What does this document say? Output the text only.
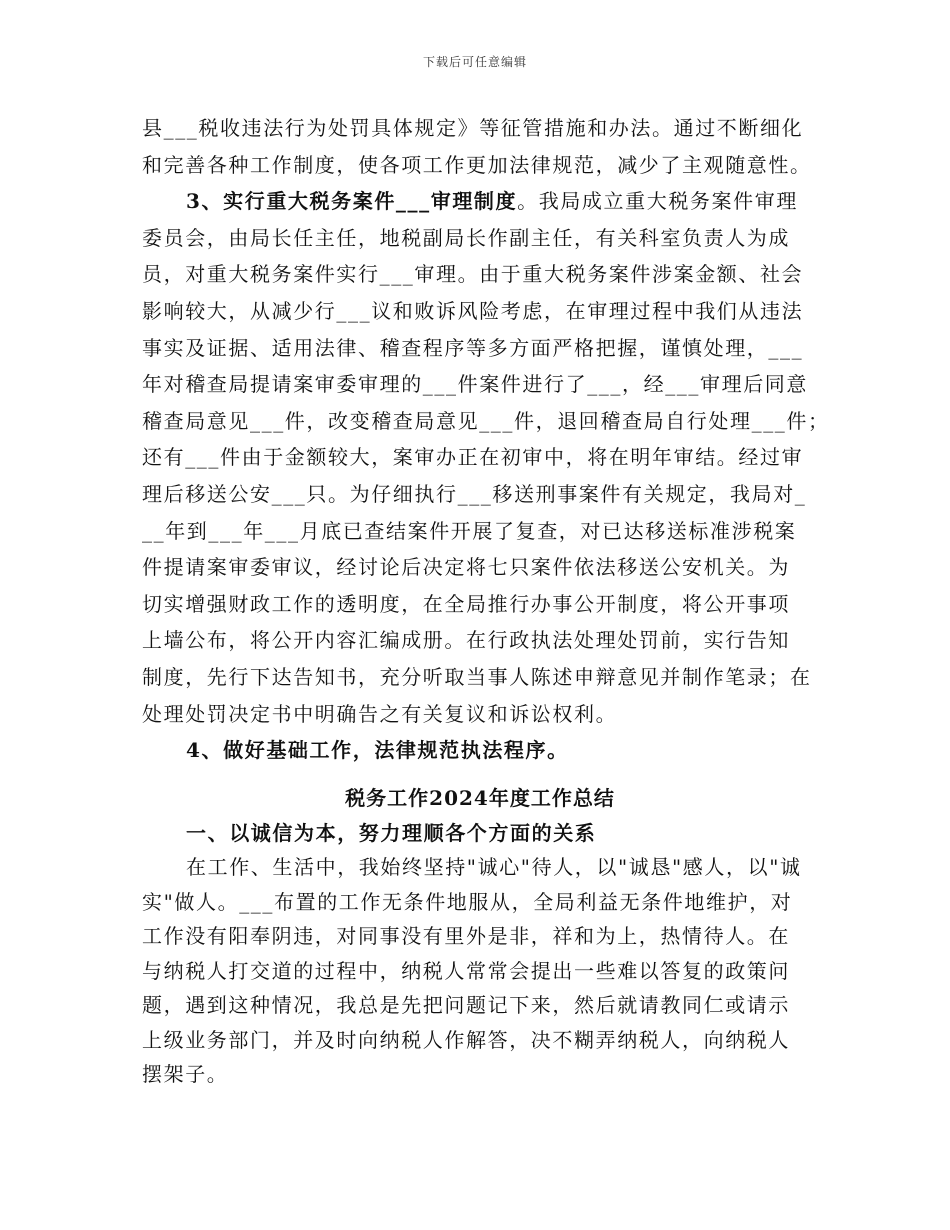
下载后可任意编辑
县___税收违法行为处罚具体规定》等征管措施和办法。通过不断细化
和完善各种工作制度，使各项工作更加法律规范，减少了主观随意性。
3、实行重大税务案件___审理制度。我局成立重大税务案件审理
委员会，由局长任主任，地税副局长作副主任，有关科室负责人为成
员，对重大税务案件实行___审理。由于重大税务案件涉案金额、社会
影响较大，从减少行___议和败诉风险考虑，在审理过程中我们从违法
事实及证据、适用法律、稽查程序等多方面严格把握，谨慎处理，___
年对稽查局提请案审委审理的___件案件进行了___，经___审理后同意
稽查局意见___件，改变稽查局意见___件，退回稽查局自行处理___件；
还有___件由于金额较大，案审办正在初审中，将在明年审结。经过审
理后移送公安___只。为仔细执行___移送刑事案件有关规定，我局对_
__年到___年___月底已查结案件开展了复查，对已达移送标准涉税案
件提请案审委审议，经讨论后决定将七只案件依法移送公安机关。为
切实增强财政工作的透明度，在全局推行办事公开制度，将公开事项
上墙公布，将公开内容汇编成册。在行政执法处理处罚前，实行告知
制度，先行下达告知书，充分听取当事人陈述申辩意见并制作笔录；在
处理处罚决定书中明确告之有关复议和诉讼权利。
4、做好基础工作，法律规范执法程序。
税务工作2024年度工作总结
一、以诚信为本，努力理顺各个方面的关系
在工作、生活中，我始终坚持"诚心"待人，以"诚恳"感人，以"诚
实"做人。___布置的工作无条件地服从，全局利益无条件地维护，对
工作没有阳奉阴违，对同事没有里外是非，祥和为上，热情待人。在
与纳税人打交道的过程中，纳税人常常会提出一些难以答复的政策问
题，遇到这种情况，我总是先把问题记下来，然后就请教同仁或请示
上级业务部门，并及时向纳税人作解答，决不糊弄纳税人，向纳税人
摆架子。
